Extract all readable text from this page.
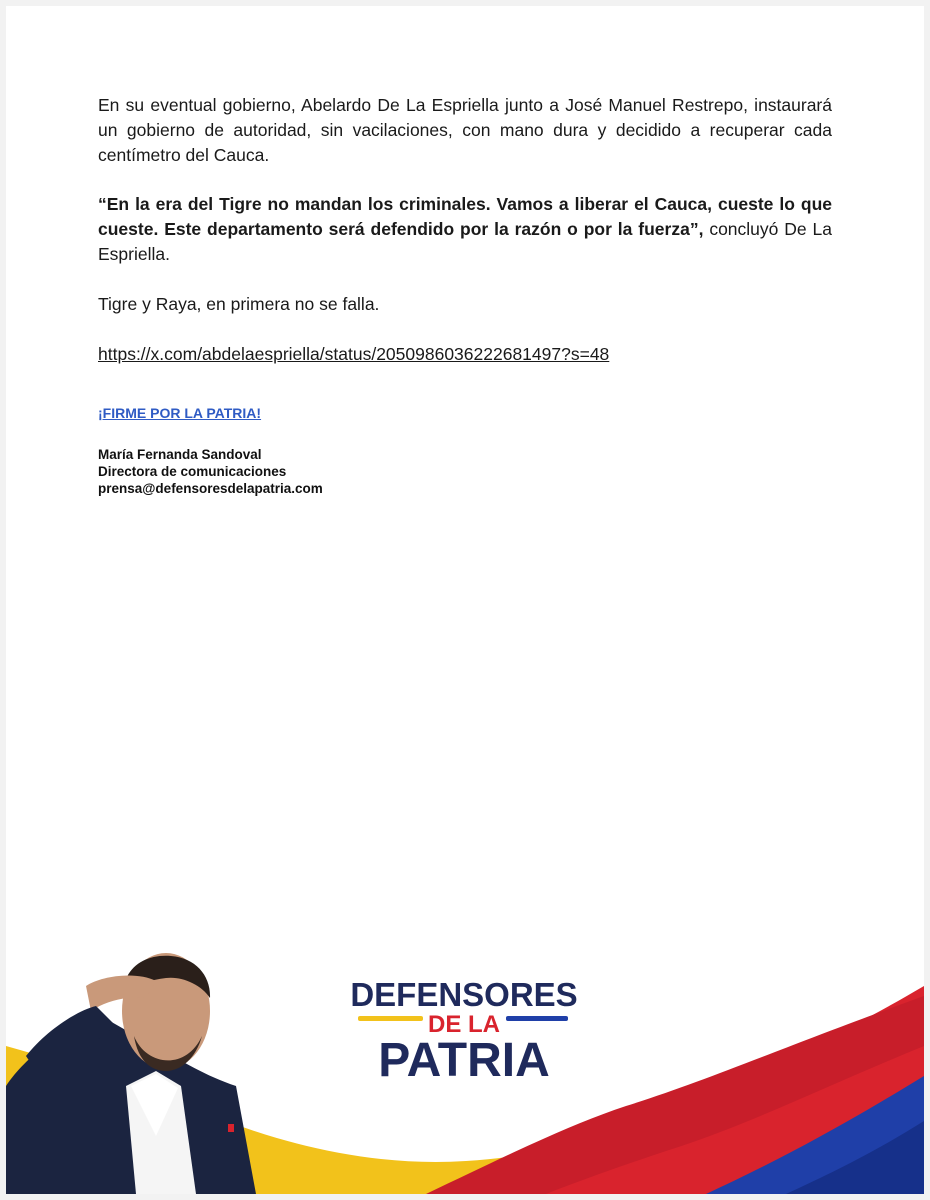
En su eventual gobierno, Abelardo De La Espriella junto a José Manuel Restrepo, instaurará un gobierno de autoridad, sin vacilaciones, con mano dura y decidido a recuperar cada centímetro del Cauca.

“En la era del Tigre no mandan los criminales. Vamos a liberar el Cauca, cueste lo que cueste. Este departamento será defendido por la razón o por la fuerza”, concluyó De La Espriella.

Tigre y Raya, en primera no se falla.

https://x.com/abdelaespriella/status/2050986036222681497?s=48

¡FIRME POR LA PATRIA!

María Fernanda Sandoval
Directora de comunicaciones
prensa@defensoresdelapatria.com
DEFENSORES
DE LA
PATRIA
